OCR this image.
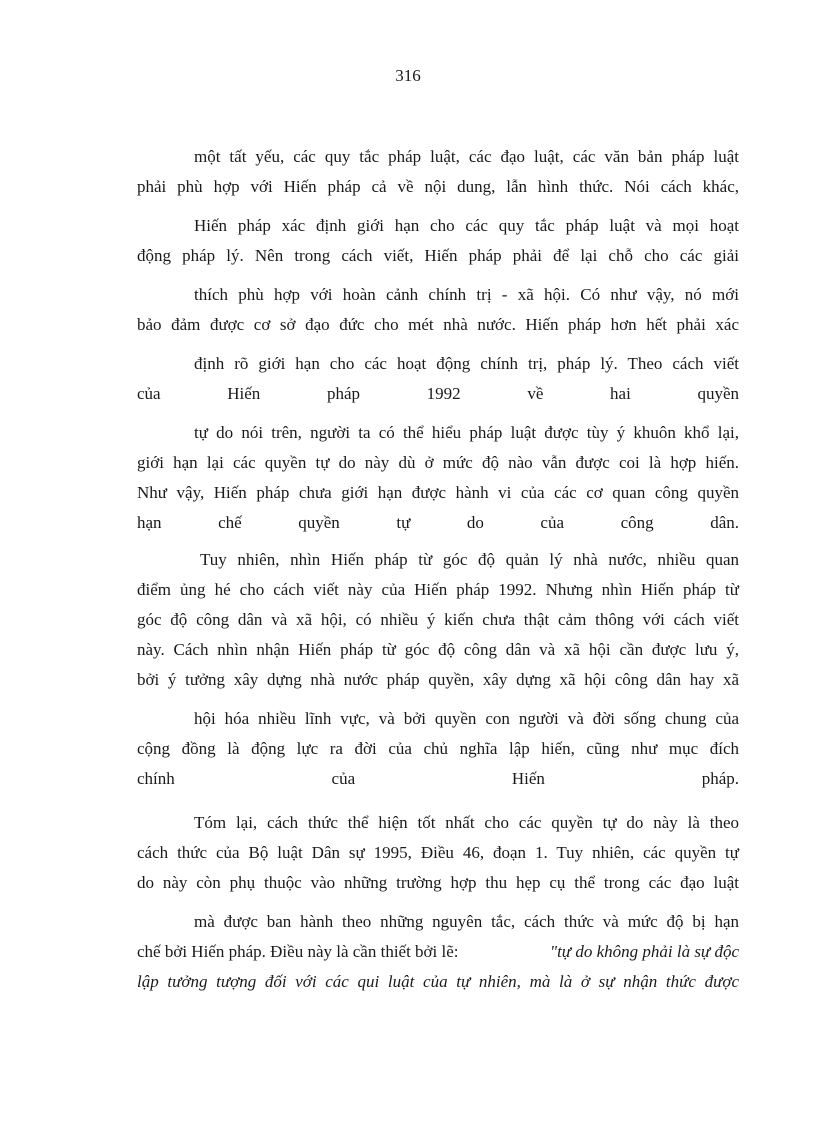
316
một tất yếu, các quy tắc pháp luật, các đạo luật, các văn bản pháp luật
phải phù hợp với Hiến pháp cả về nội dung, lẫn hình thức. Nói cách khác,
Hiến pháp xác định giới hạn cho các quy tắc pháp luật và mọi hoạt
động pháp lý. Nên trong cách viết, Hiến pháp phải để lại chỗ cho các giải
thích phù hợp với hoàn cảnh chính trị - xã hội. Có như vậy, nó mới
bảo đảm được cơ sở đạo đức cho mét nhà nước. Hiến pháp hơn hết phải xác
định rõ giới hạn cho các hoạt động chính trị, pháp lý. Theo cách viết
của Hiến pháp 1992 về hai quyền
tự do nói trên, người ta có thể hiểu pháp luật được tùy ý khuôn khổ lại,
giới hạn lại các quyền tự do này dù ở mức độ nào vẫn được coi là hợp hiến.
Như vậy, Hiến pháp chưa giới hạn được hành vi của các cơ quan công quyền
hạn chế quyền tự do của công dân.
Tuy nhiên, nhìn Hiến pháp từ góc độ quản lý nhà nước, nhiều quan
điểm ủng hé cho cách viết này của Hiến pháp 1992. Nhưng nhìn Hiến pháp từ
góc độ công dân và xã hội, có nhiều ý kiến chưa thật cảm thông với cách viết
này. Cách nhìn nhận Hiến pháp từ góc độ công dân và xã hội cần được lưu ý,
bởi ý tưởng xây dựng nhà nước pháp quyền, xây dựng xã hội công dân hay xã
hội hóa nhiều lĩnh vực, và bởi quyền con người và đời sống chung của
cộng đồng là động lực ra đời của chủ nghĩa lập hiến, cũng như mục đích
chính của Hiến pháp.
Tóm lại, cách thức thể hiện tốt nhất cho các quyền tự do này là theo
cách thức của Bộ luật Dân sự 1995, Điều 46, đoạn 1. Tuy nhiên, các quyền tự
do này còn phụ thuộc vào những trường hợp thu hẹp cụ thể trong các đạo luật
mà được ban hành theo những nguyên tắc, cách thức và mức độ bị hạn
chế bởi Hiến pháp. Điều này là cần thiết bởi lẽ:	"tự do không phải là sự độc
lập tưởng tượng đối với các qui luật của tự nhiên, mà là ở sự nhận thức được
